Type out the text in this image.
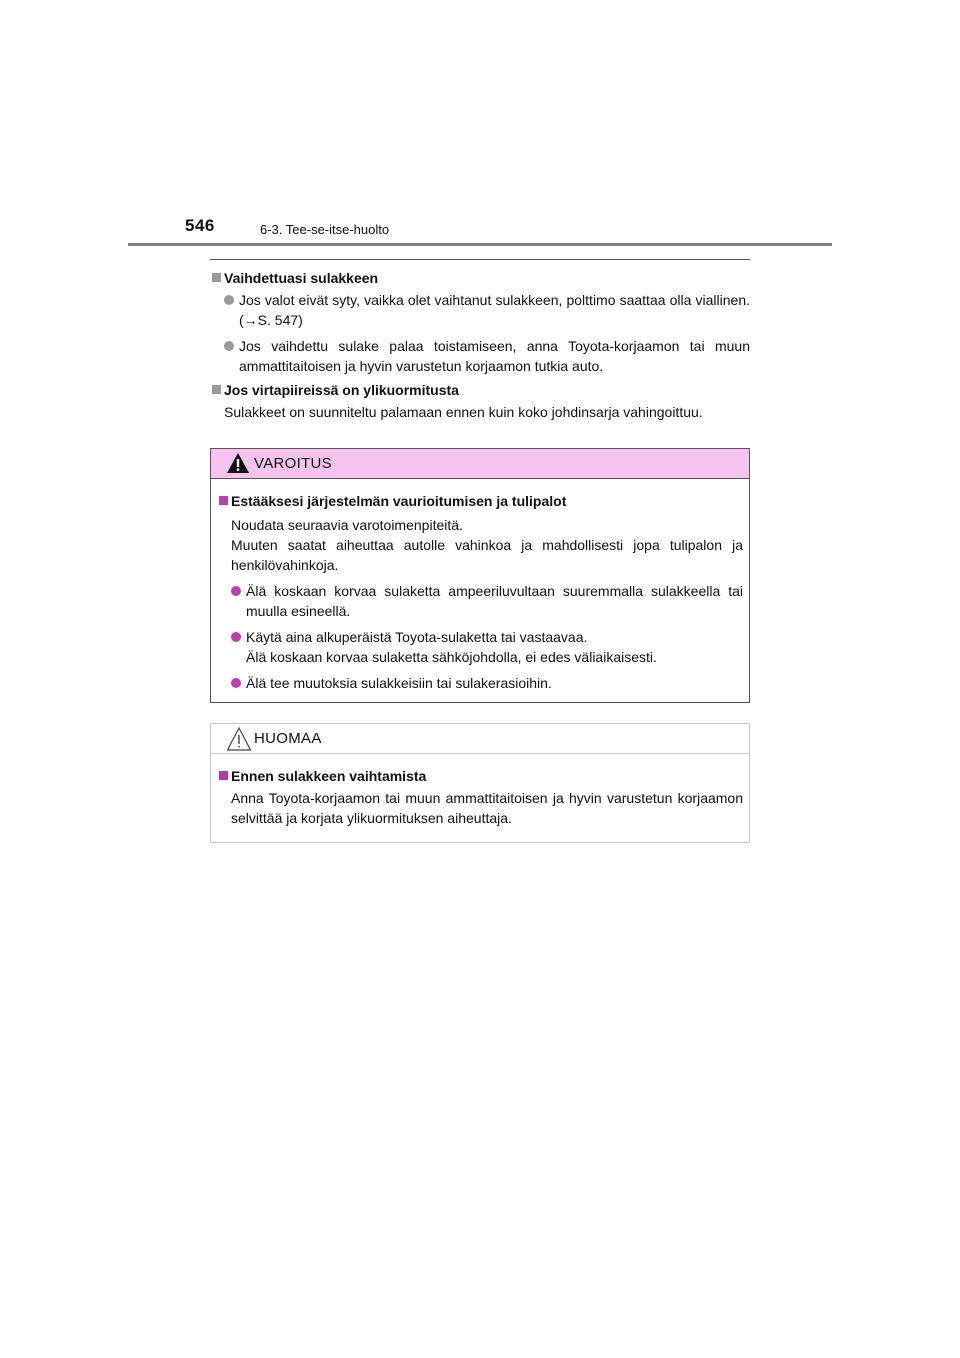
546	6-3. Tee-se-itse-huolto
Vaihdettuasi sulakkeen
Jos valot eivät syty, vaikka olet vaihtanut sulakkeen, polttimo saattaa olla viallinen. (→S. 547)
Jos vaihdettu sulake palaa toistamiseen, anna Toyota-korjaamon tai muun ammattitaitoisen ja hyvin varustetun korjaamon tutkia auto.
Jos virtapiireissä on ylikuormitusta
Sulakkeet on suunniteltu palamaan ennen kuin koko johdinsarja vahingoittuu.
VAROITUS
Estääksesi järjestelmän vaurioitumisen ja tulipalot
Noudata seuraavia varotoimenpiteitä.
Muuten saatat aiheuttaa autolle vahinkoa ja mahdollisesti jopa tulipalon ja henkilövahinkoja.
Älä koskaan korvaa sulaketta ampeeriluvultaan suuremmalla sulakkeella tai muulla esineellä.
Käytä aina alkuperäistä Toyota-sulaketta tai vastaavaa.
Älä koskaan korvaa sulaketta sähköjohdolla, ei edes väliaikaisesti.
Älä tee muutoksia sulakkeisiin tai sulakerasioihin.
HUOMAA
Ennen sulakkeen vaihtamista
Anna Toyota-korjaamon tai muun ammattitaitoisen ja hyvin varustetun korjaamon selvittää ja korjata ylikuormituksen aiheuttaja.
